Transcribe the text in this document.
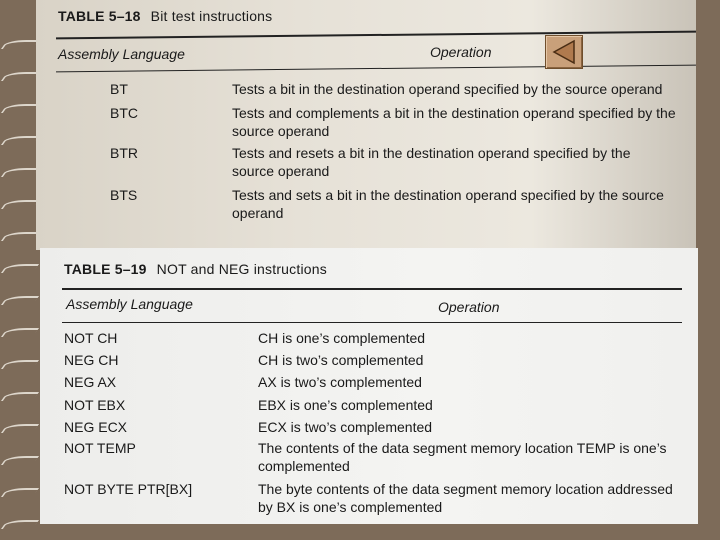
TABLE 5–18 Bit test instructions
Assembly Language	Operation
BT	Tests a bit in the destination operand specified by the source operand
BTC	Tests and complements a bit in the destination operand specified by the source operand
BTR	Tests and resets a bit in the destination operand specified by the source operand
BTS	Tests and sets a bit in the destination operand specified by the source operand
TABLE 5–19 NOT and NEG instructions
Assembly Language	Operation
NOT CH	CH is one’s complemented
NEG CH	CH is two’s complemented
NEG AX	AX is two’s complemented
NOT EBX	EBX is one’s complemented
NEG ECX	ECX is two’s complemented
NOT TEMP	The contents of the data segment memory location TEMP is one’s complemented
NOT BYTE PTR[BX]	The byte contents of the data segment memory location addressed by BX is one’s complemented
